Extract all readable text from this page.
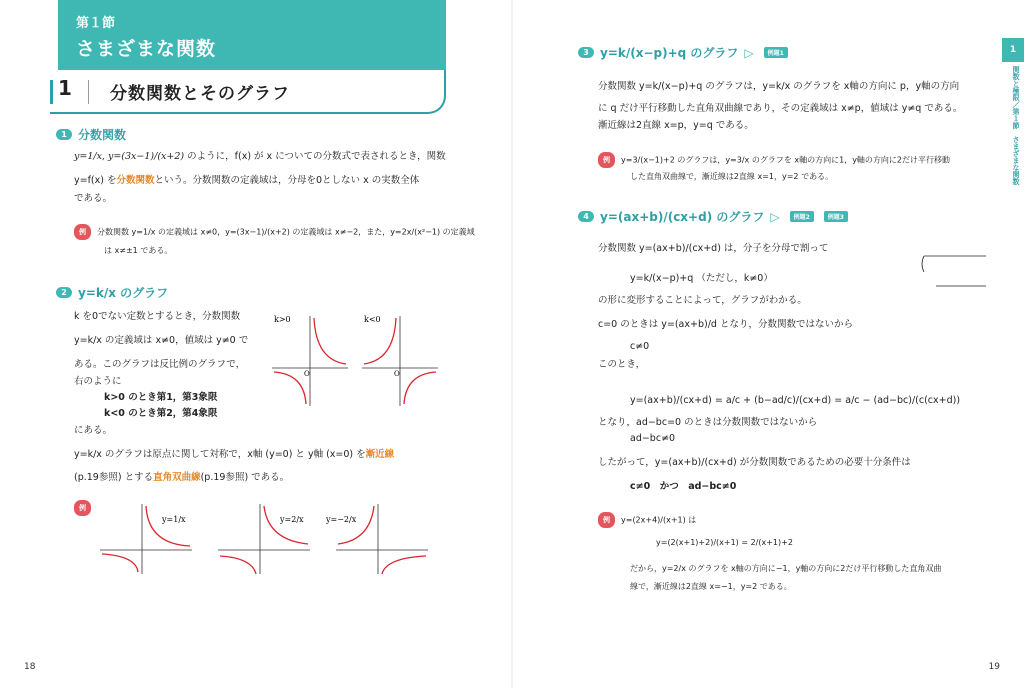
第１節
さまざまな関数
1 分数関数とそのグラフ
1 分数関数
y=1/x, y=(3x−1)/(x+2) のように，f(x) が x についての分数式で表されるとき，関数
y=f(x) を分数関数という。分数関数の定義域は，分母を0としない x の実数全体
である。
例 分数関数 y=1/x の定義域は x≠0，y=(3x−1)/(x+2) の定義域は x≠−2，また，y=2x/(x²−1) の定義域
は x≠±1 である。
2 y=k/x のグラフ
k を0でない定数とするとき，分数関数
y=k/x の定義域は x≠0，値域は y≠0 で
ある。このグラフは反比例のグラフで，
右のように
k>0 のとき第1，第3象限
k<0 のとき第2，第4象限
にある。
y=k/x のグラフは原点に関して対称で，x軸 (y=0) と y軸 (x=0) を漸近線
(p.19参照) とする直角双曲線(p.19参照) である。
k>0
O
k<0
O
例
y=1/x	y=2/x	y=−2/x
18
1
関数と極限／第１節　さまざまな関数
3 y=k/(x−p)+q のグラフ ▷	例題1
分数関数 y=k/(x−p)+q のグラフは，y=k/x のグラフを x軸の方向に p，y軸の方向
に q だけ平行移動した直角双曲線であり，その定義域は x≠p，値域は y≠q である。
漸近線は2直線 x=p，y=q である。
例 y=3/(x−1)+2 のグラフは，y=3/x のグラフを x軸の方向に1，y軸の方向に2だけ平行移動
した直角双曲線で，漸近線は2直線 x=1，y=2 である。
4 y=(ax+b)/(cx+d) のグラフ ▷	例題2	例題3
分数関数 y=(ax+b)/(cx+d) は，分子を分母で割って
y=k/(x−p)+q （ただし，k≠0）
の形に変形することによって，グラフがわかる。
c=0 のときは y=(ax+b)/d となり，分数関数ではないから
c≠0
このとき，
y=(ax+b)/(cx+d) = a/c + (b−ad/c)/(cx+d) = a/c − (ad−bc)/(c(cx+d))
となり，ad−bc=0 のときは分数関数ではないから
ad−bc≠0
したがって，y=(ax+b)/(cx+d) が分数関数であるための必要十分条件は
c≠0　かつ　ad−bc≠0
例 y=(2x+4)/(x+1) は
y=(2(x+1)+2)/(x+1) = 2/(x+1)+2
だから，y=2/x のグラフを x軸の方向に−1，y軸の方向に2だけ平行移動した直角双曲
線で，漸近線は2直線 x=−1，y=2 である。
19
